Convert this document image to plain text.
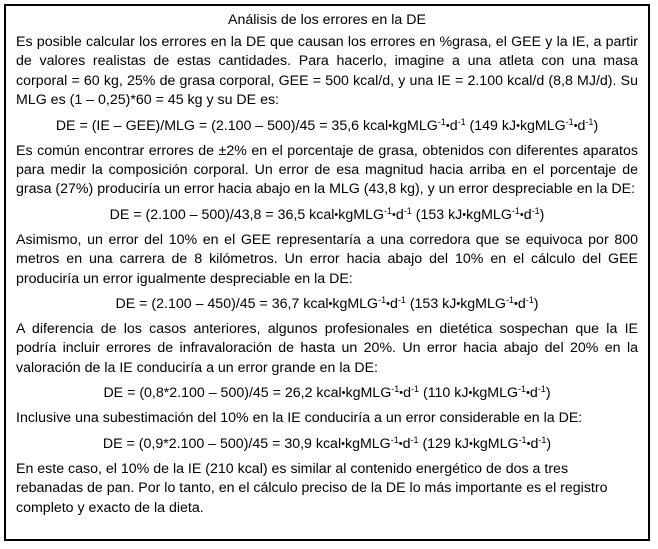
Análisis de los errores en la DE

Es posible calcular los errores en la DE que causan los errores en %grasa, el GEE y la IE, a partir de valores realistas de estas cantidades. Para hacerlo, imagine a una atleta con una masa corporal = 60 kg, 25% de grasa corporal, GEE = 500 kcal/d, y una IE = 2.100 kcal/d (8,8 MJ/d). Su MLG es (1 – 0,25)*60 = 45 kg y su DE es:

DE = (IE – GEE)/MLG = (2.100 – 500)/45 = 35,6 $kcal•kgMLG^{-1}•d^{-1}$ (149 $kJ•kgMLG^{-1}•d^{-1}$)

Es común encontrar errores de ±2% en el porcentaje de grasa, obtenidos con diferentes aparatos para medir la composición corporal. Un error de esa magnitud hacia arriba en el porcentaje de grasa (27%) produciría un error hacia abajo en la MLG (43,8 kg), y un error despreciable en la DE:

DE = (2.100 – 500)/43,8 = 36,5 $kcal•kgMLG^{-1}•d^{-1}$ (153 $kJ•kgMLG^{-1}•d^{-1}$)

Asimismo, un error del 10% en el GEE representaría a una corredora que se equivoca por 800 metros en una carrera de 8 kilómetros. Un error hacia abajo del 10% en el cálculo del GEE produciría un error igualmente despreciable en la DE:

DE = (2.100 – 450)/45 = 36,7 $kcal•kgMLG^{-1}•d^{-1}$ (153 $kJ•kgMLG^{-1}•d^{-1}$)

A diferencia de los casos anteriores, algunos profesionales en dietética sospechan que la IE podría incluir errores de infravaloración de hasta un 20%. Un error hacia abajo del 20% en la valoración de la IE conduciría a un error grande en la DE:

DE = (0,8*2.100 – 500)/45 = 26,2 $kcal•kgMLG^{-1}•d^{-1}$ (110 $kJ•kgMLG^{-1}•d^{-1}$)

Inclusive una subestimación del 10% en la IE conduciría a un error considerable en la DE:

DE = (0,9*2.100 – 500)/45 = 30,9 $kcal•kgMLG^{-1}•d^{-1}$ (129 $kJ•kgMLG^{-1}•d^{-1}$)

En este caso, el 10% de la IE (210 kcal) es similar al contenido energético de dos a tres rebanadas de pan. Por lo tanto, en el cálculo preciso de la DE lo más importante es el registro completo y exacto de la dieta.
